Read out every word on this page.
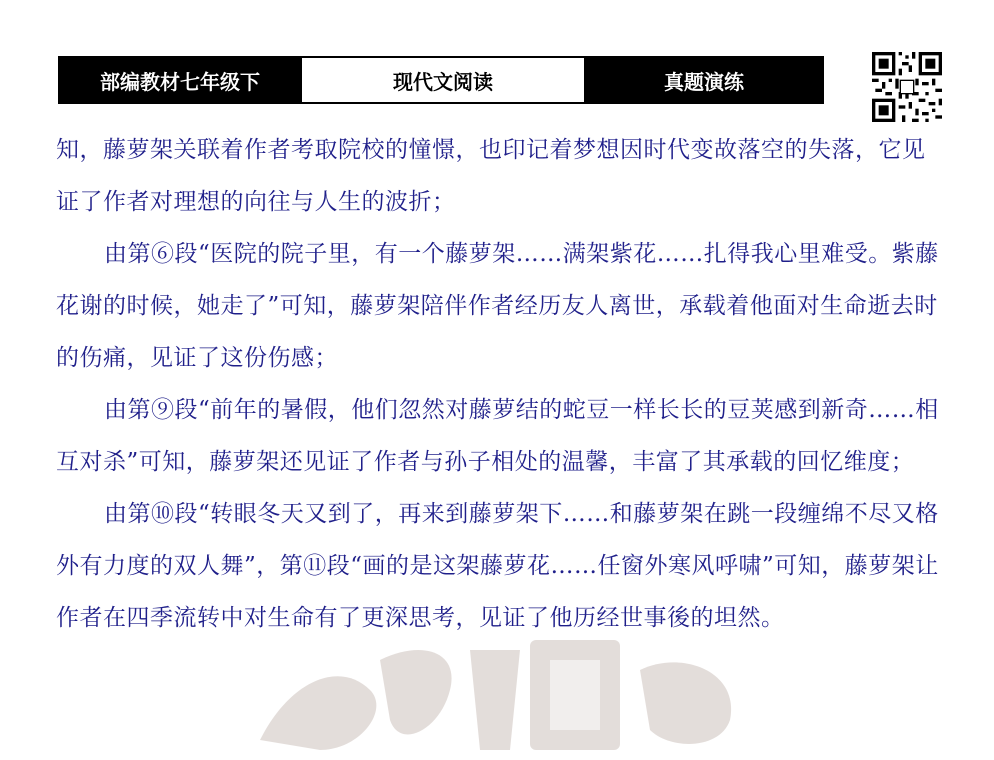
部编教材七年级下	现代文阅读	真题演练

知，藤萝架关联着作者考取院校的憧憬，也印记着梦想因时代变故落空的失落，它见证了作者对理想的向往与人生的波折；

由第⑥段“医院的院子里，有一个藤萝架……满架紫花……扎得我心里难受。紫藤花谢的时候，她走了”可知，藤萝架陪伴作者经历友人离世，承载着他面对生命逝去时的伤痛，见证了这份伤感；

由第⑨段“前年的暑假，他们忽然对藤萝结的蛇豆一样长长的豆荚感到新奇……相互对杀”可知，藤萝架还见证了作者与孙子相处的温馨，丰富了其承载的回忆维度；

由第⑩段“转眼冬天又到了，再来到藤萝架下……和藤萝架在跳一段缠绵不尽又格外有力度的双人舞”，第⑪段“画的是这架藤萝花……任窗外寒风呼啸”可知，藤萝架让作者在四季流转中对生命有了更深思考，见证了他历经世事後的坦然。
